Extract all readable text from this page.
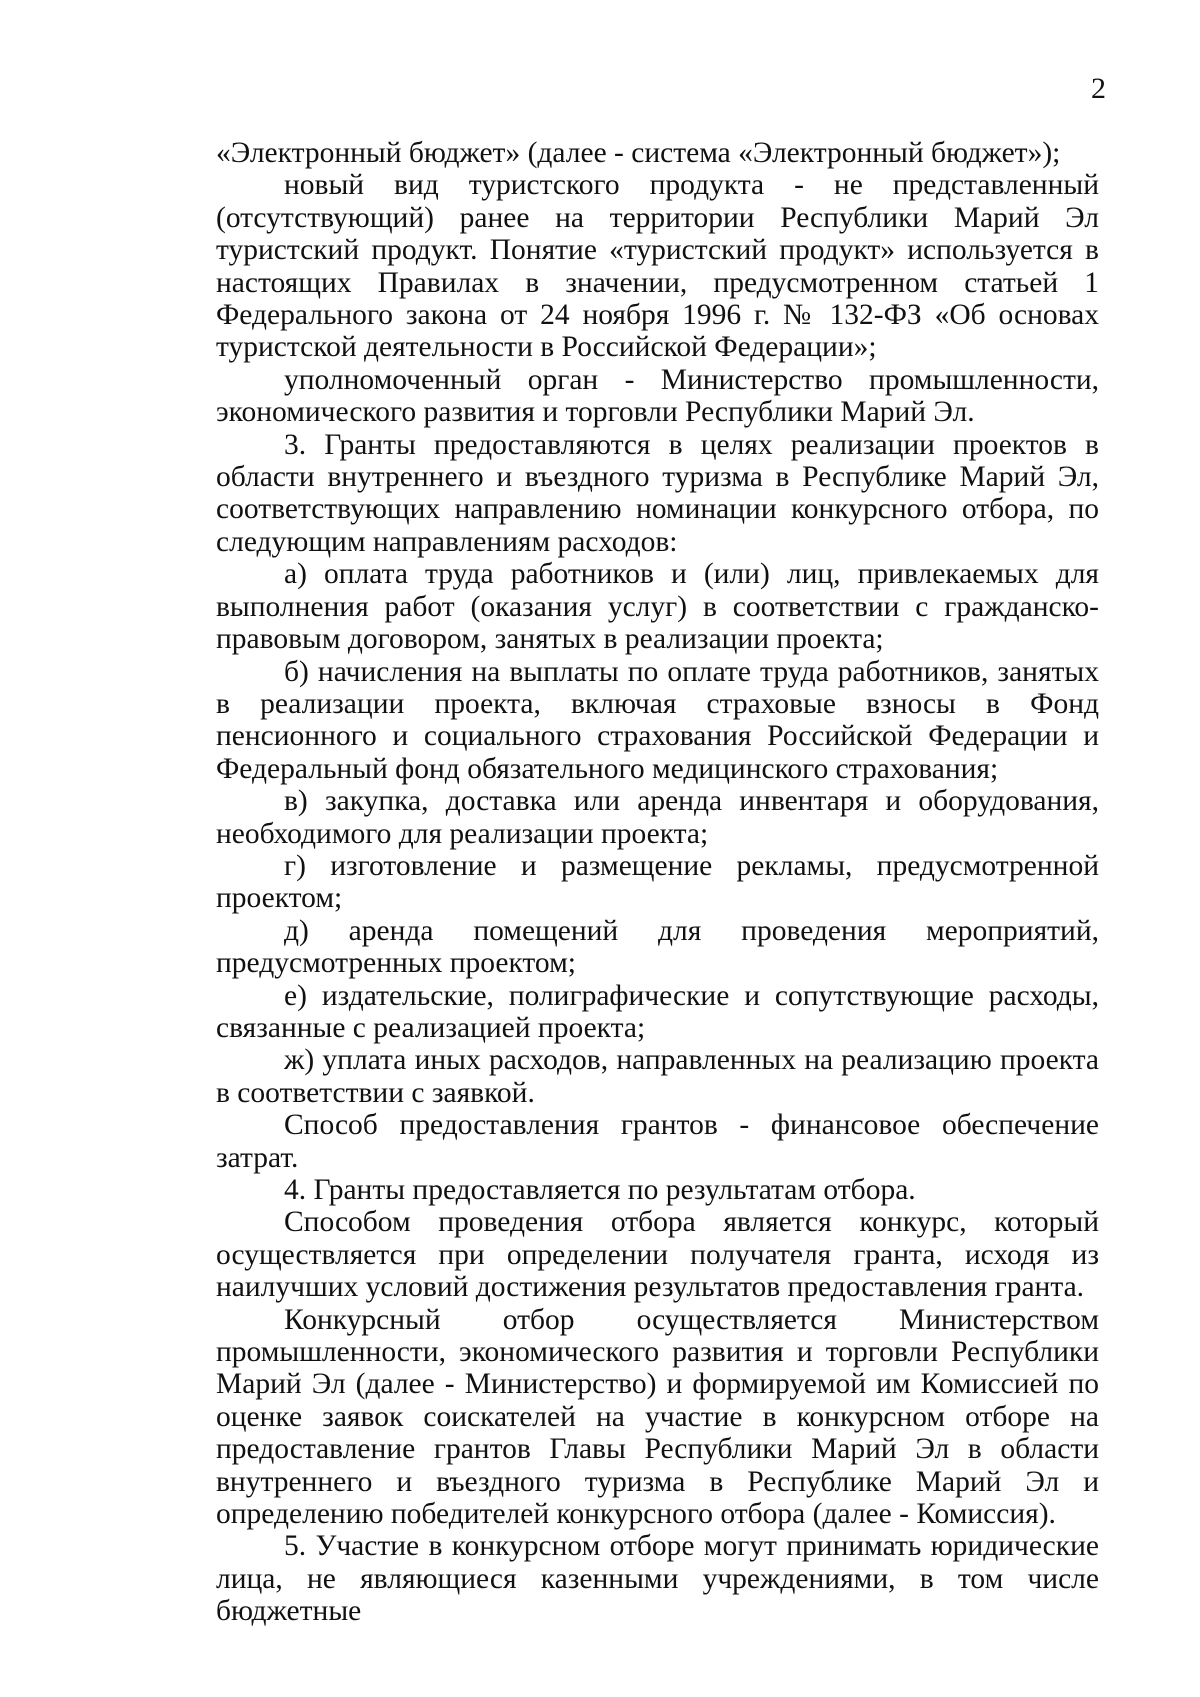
2

«Электронный бюджет» (далее - система «Электронный бюджет»);

новый вид туристского продукта - не представленный (отсутствующий) ранее на территории Республики Марий Эл туристский продукт. Понятие «туристский продукт» используется в настоящих Правилах в значении, предусмотренном статьей 1 Федерального закона от 24 ноября 1996 г. № 132-ФЗ «Об основах туристской деятельности в Российской Федерации»;

уполномоченный орган - Министерство промышленности, экономического развития и торговли Республики Марий Эл.

3. Гранты предоставляются в целях реализации проектов в области внутреннего и въездного туризма в Республике Марий Эл, соответствующих направлению номинации конкурсного отбора, по следующим направлениям расходов:

а) оплата труда работников и (или) лиц, привлекаемых для выполнения работ (оказания услуг) в соответствии с гражданско-правовым договором, занятых в реализации проекта;

б) начисления на выплаты по оплате труда работников, занятых в реализации проекта, включая страховые взносы в Фонд пенсионного и социального страхования Российской Федерации и Федеральный фонд обязательного медицинского страхования;

в) закупка, доставка или аренда инвентаря и оборудования, необходимого для реализации проекта;

г) изготовление и размещение рекламы, предусмотренной проектом;

д) аренда помещений для проведения мероприятий, предусмотренных проектом;

е) издательские, полиграфические и сопутствующие расходы, связанные с реализацией проекта;

ж) уплата иных расходов, направленных на реализацию проекта в соответствии с заявкой.

Способ предоставления грантов - финансовое обеспечение затрат.

4. Гранты предоставляется по результатам отбора.

Способом проведения отбора является конкурс, который осуществляется при определении получателя гранта, исходя из наилучших условий достижения результатов предоставления гранта.

Конкурсный отбор осуществляется Министерством промышленности, экономического развития и торговли Республики Марий Эл (далее - Министерство) и формируемой им Комиссией по оценке заявок соискателей на участие в конкурсном отборе на предоставление грантов Главы Республики Марий Эл в области внутреннего и въездного туризма в Республике Марий Эл и определению победителей конкурсного отбора (далее - Комиссия).

5. Участие в конкурсном отборе могут принимать юридические лица, не являющиеся казенными учреждениями, в том числе бюджетные
